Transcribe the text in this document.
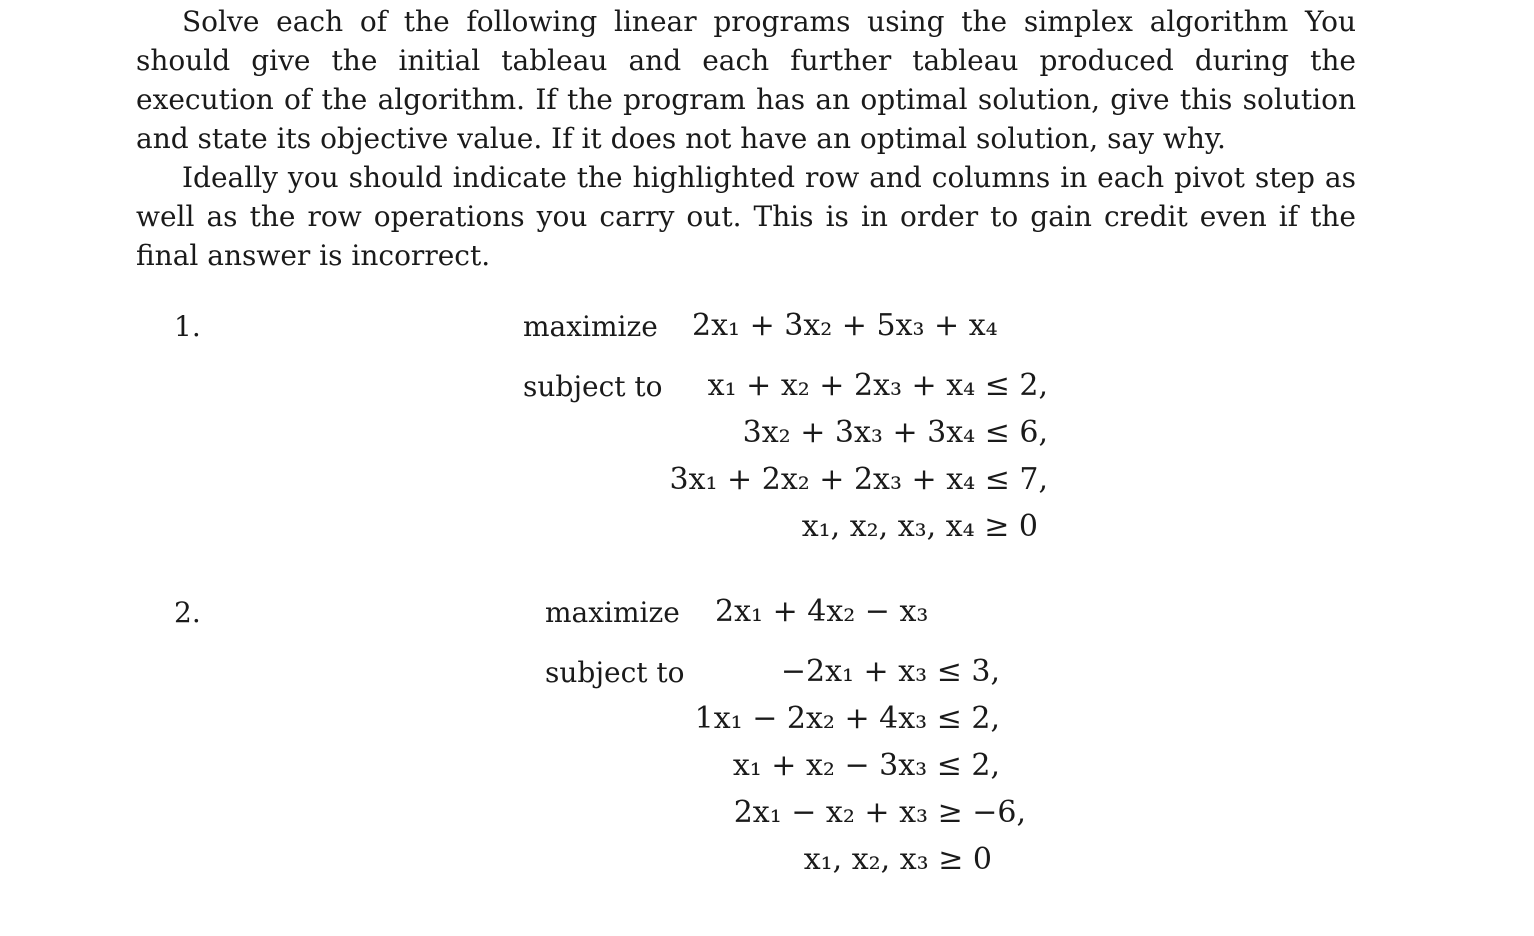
Solve each of the following linear programs using the simplex algorithm You should give the initial tableau and each further tableau produced during the execution of the algorithm. If the program has an optimal solution, give this solution and state its objective value. If it does not have an optimal solution, say why.

Ideally you should indicate the highlighted row and columns in each pivot step as well as the row operations you carry out. This is in order to gain credit even if the final answer is incorrect.

1.	maximize 2x₁ + 3x₂ + 5x₃ + x₄
subject to x₁ + x₂ + 2x₃ + x₄ ≤ 2,
3x₂ + 3x₃ + 3x₄ ≤ 6,
3x₁ + 2x₂ + 2x₃ + x₄ ≤ 7,
x₁, x₂, x₃, x₄ ≥ 0
2.	maximize 2x₁ + 4x₂ − x₃
subject to	−2x₁ + x₃ ≤ 3,
1x₁ − 2x₂ + 4x₃ ≤ 2,
x₁ + x₂ − 3x₃ ≤ 2,
2x₁ − x₂ + x₃ ≥ −6,
x₁, x₂, x₃ ≥ 0
